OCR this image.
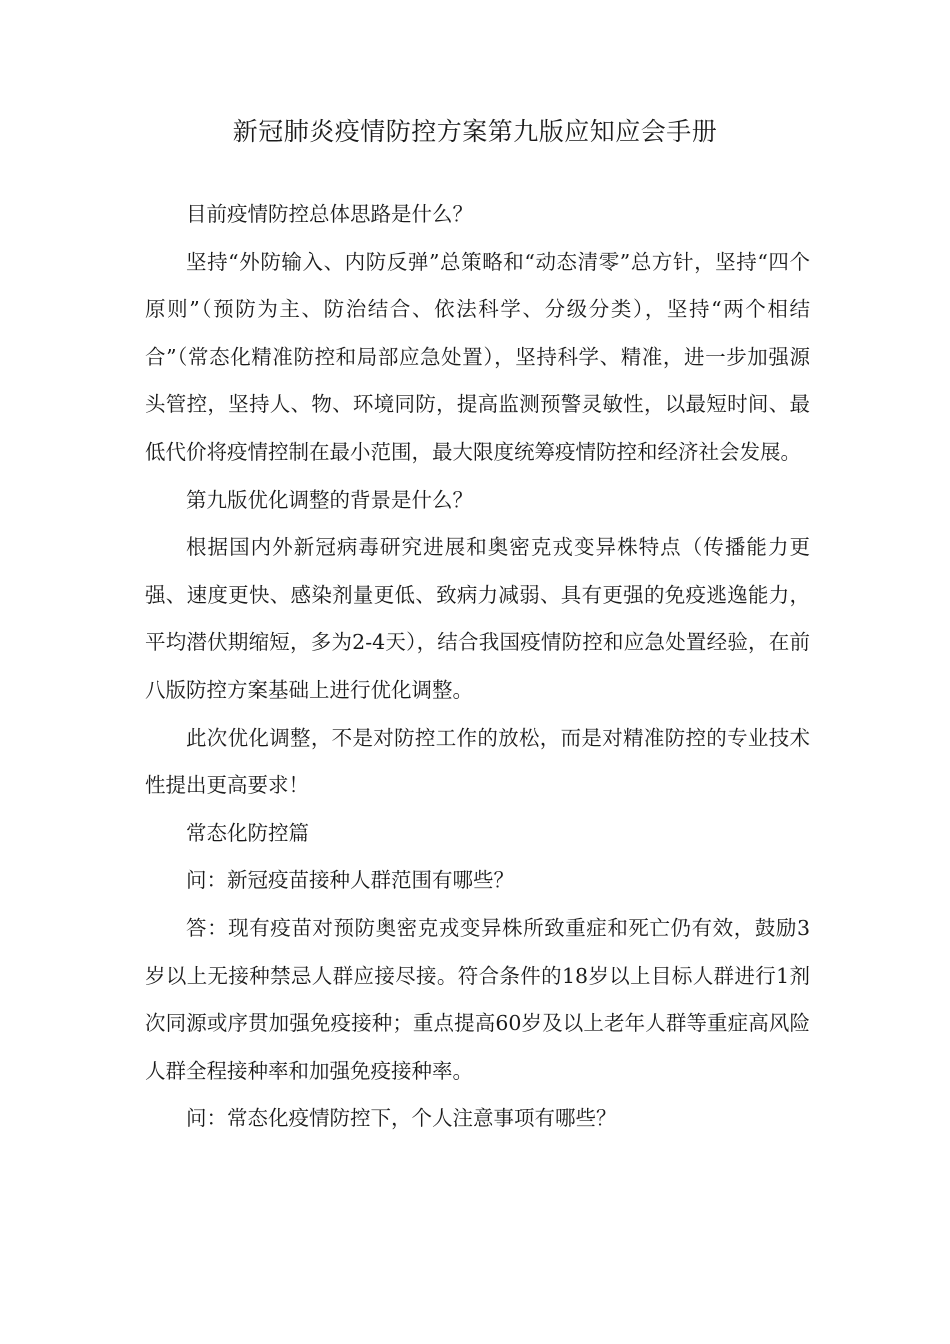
新冠肺炎疫情防控方案第九版应知应会手册

目前疫情防控总体思路是什么？

坚持“外防输入、内防反弹”总策略和“动态清零”总方针，坚持“四个原则”（预防为主、防治结合、依法科学、分级分类），坚持“两个相结合”（常态化精准防控和局部应急处置），坚持科学、精准，进一步加强源头管控，坚持人、物、环境同防，提高监测预警灵敏性，以最短时间、最低代价将疫情控制在最小范围，最大限度统筹疫情防控和经济社会发展。

第九版优化调整的背景是什么？

根据国内外新冠病毒研究进展和奥密克戎变异株特点（传播能力更强、速度更快、感染剂量更低、致病力减弱、具有更强的免疫逃逸能力，平均潜伏期缩短，多为2-4天），结合我国疫情防控和应急处置经验，在前八版防控方案基础上进行优化调整。

此次优化调整，不是对防控工作的放松，而是对精准防控的专业技术性提出更高要求！

常态化防控篇

问：新冠疫苗接种人群范围有哪些？

答：现有疫苗对预防奥密克戎变异株所致重症和死亡仍有效，鼓励3岁以上无接种禁忌人群应接尽接。符合条件的18岁以上目标人群进行1剂次同源或序贯加强免疫接种；重点提高60岁及以上老年人群等重症高风险人群全程接种率和加强免疫接种率。

问：常态化疫情防控下，个人注意事项有哪些？
